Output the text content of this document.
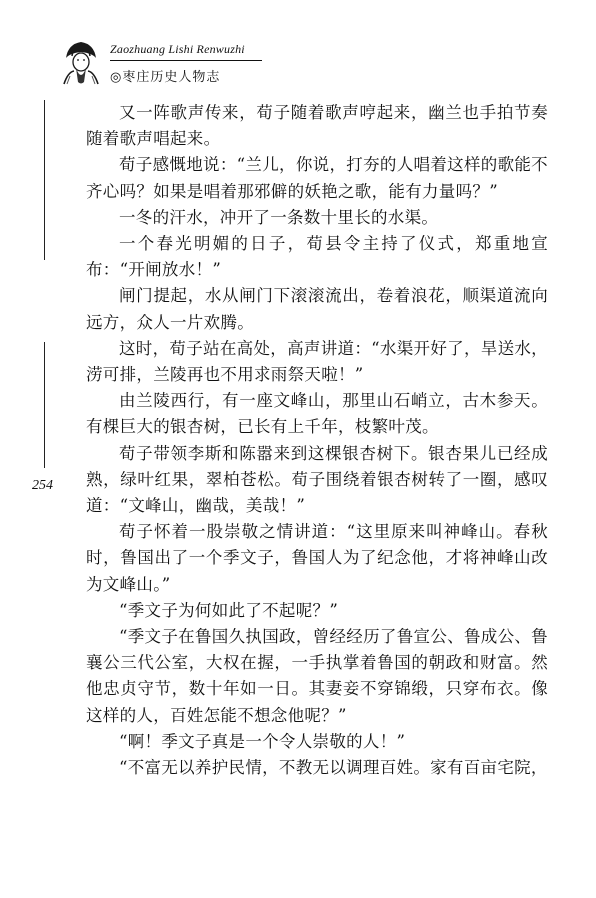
Zaozhuang Lishi Renwuzhi
◎枣庄历史人物志
254

又一阵歌声传来，荀子随着歌声哼起来，幽兰也手拍节奏随着歌声唱起来。

荀子感慨地说：“兰儿，你说，打夯的人唱着这样的歌能不齐心吗？如果是唱着那邪僻的妖艳之歌，能有力量吗？”

一冬的汗水，冲开了一条数十里长的水渠。

一个春光明媚的日子，荀县令主持了仪式，郑重地宣布：“开闸放水！”

闸门提起，水从闸门下滚滚流出，卷着浪花，顺渠道流向远方，众人一片欢腾。

这时，荀子站在高处，高声讲道：“水渠开好了，旱送水，涝可排，兰陵再也不用求雨祭天啦！”

由兰陵西行，有一座文峰山，那里山石峭立，古木参天。有棵巨大的银杏树，已长有上千年，枝繁叶茂。

荀子带领李斯和陈嚣来到这棵银杏树下。银杏果儿已经成熟，绿叶红果，翠柏苍松。荀子围绕着银杏树转了一圈，感叹道：“文峰山，幽哉，美哉！”

荀子怀着一股崇敬之情讲道：“这里原来叫神峰山。春秋时，鲁国出了一个季文子，鲁国人为了纪念他，才将神峰山改为文峰山。”

“季文子为何如此了不起呢？”

“季文子在鲁国久执国政，曾经经历了鲁宣公、鲁成公、鲁襄公三代公室，大权在握，一手执掌着鲁国的朝政和财富。然他忠贞守节，数十年如一日。其妻妾不穿锦缎，只穿布衣。像这样的人，百姓怎能不想念他呢？”

“啊！季文子真是一个令人崇敬的人！”

“不富无以养护民情，不教无以调理百姓。家有百亩宅院，
